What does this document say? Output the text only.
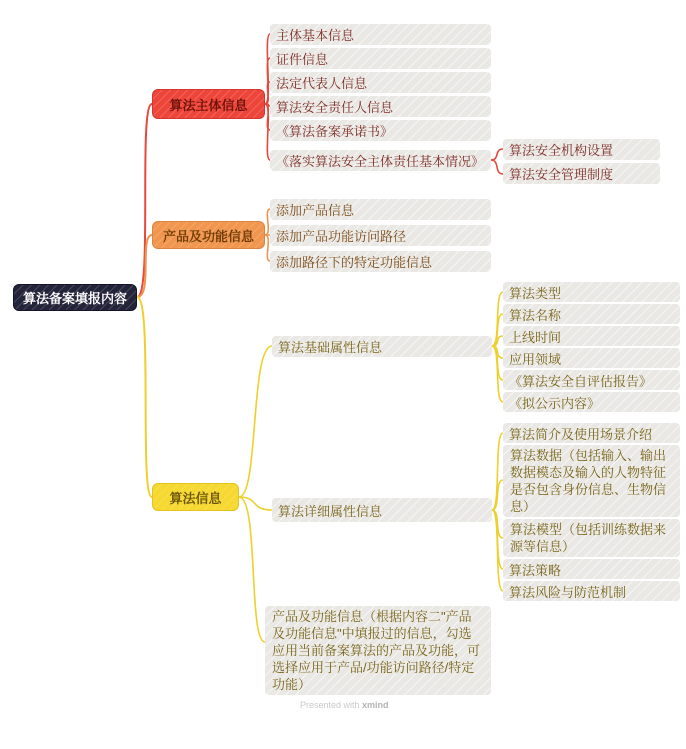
算法备案填报内容
算法主体信息
产品及功能信息
算法信息
主体基本信息
证件信息
法定代表人信息
算法安全责任人信息
《算法备案承诺书》
《落实算法安全主体责任基本情况》
算法安全机构设置
算法安全管理制度
添加产品信息
添加产品功能访问路径
添加路径下的特定功能信息
算法基础属性信息
算法类型
算法名称
上线时间
应用领域
《算法安全自评估报告》
《拟公示内容》
算法详细属性信息
算法简介及使用场景介绍
算法数据（包括输入、输出数据模态及输入的人物特征是否包含身份信息、生物信息）
算法模型（包括训练数据来源等信息）
算法策略
算法风险与防范机制
产品及功能信息（根据内容二"产品及功能信息"中填报过的信息，勾选应用当前备案算法的产品及功能，可选择应用于产品/功能访问路径/特定功能）
Presented with xmind
